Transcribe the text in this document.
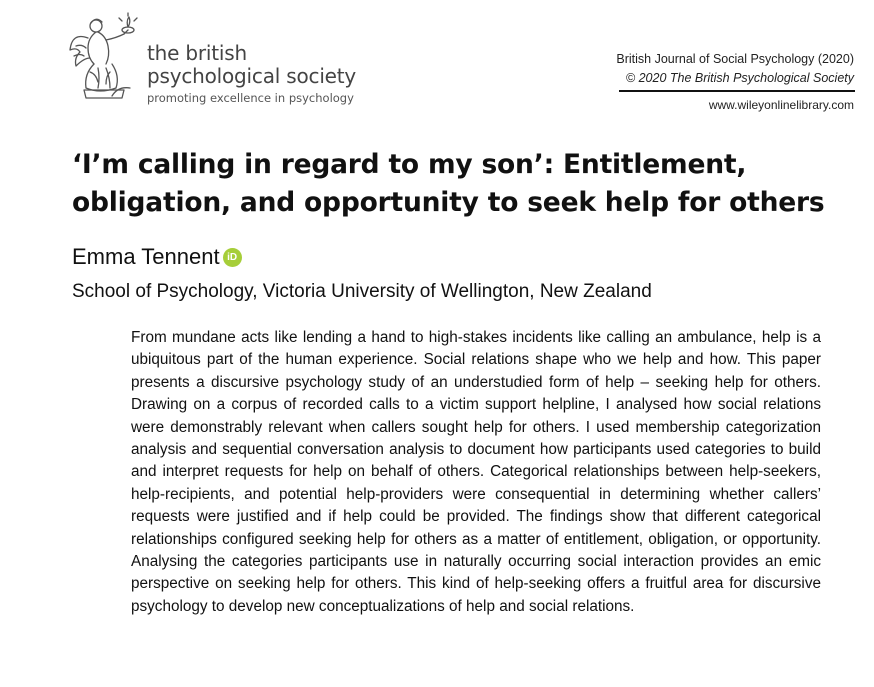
the british
psychological society
promoting excellence in psychology
British Journal of Social Psychology (2020)
© 2020 The British Psychological Society
www.wileyonlinelibrary.com
‘I’m calling in regard to my son’: Entitlement, obligation, and opportunity to seek help for others
Emma Tennent iD
School of Psychology, Victoria University of Wellington, New Zealand

From mundane acts like lending a hand to high-stakes incidents like calling an ambulance, help is a ubiquitous part of the human experience. Social relations shape who we help and how. This paper presents a discursive psychology study of an understudied form of help – seeking help for others. Drawing on a corpus of recorded calls to a victim support helpline, I analysed how social relations were demonstrably relevant when callers sought help for others. I used membership categorization analysis and sequential conversation analysis to document how participants used categories to build and interpret requests for help on behalf of others. Categorical relationships between help-seekers, help-recipients, and potential help-providers were consequential in determining whether callers’ requests were justified and if help could be provided. The findings show that different categorical relationships configured seeking help for others as a matter of entitlement, obligation, or opportunity. Analysing the categories participants use in naturally occurring social interaction provides an emic perspective on seeking help for others. This kind of help-seeking offers a fruitful area for discursive psychology to develop new conceptualizations of help and social relations.
